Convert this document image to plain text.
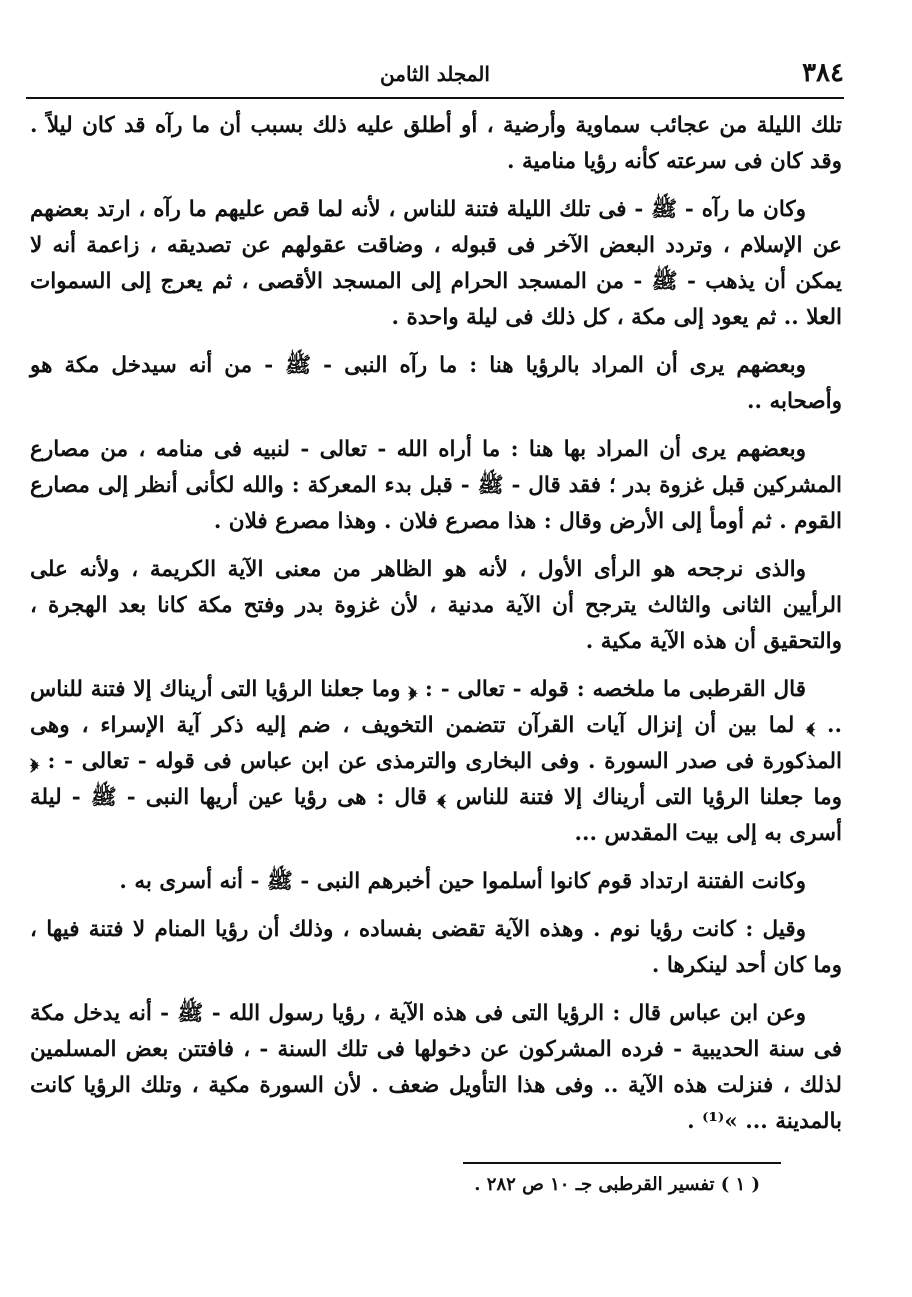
٣٨٤
المجلد الثامن

تلك الليلة من عجائب سماوية وأرضية ، أو أطلق عليه ذلك بسبب أن ما رآه قد كان ليلاً . وقد كان فى سرعته كأنه رؤيا منامية .

وكان ما رآه - ﷺ - فى تلك الليلة فتنة للناس ، لأنه لما قص عليهم ما رآه ، ارتد بعضهم عن الإسلام ، وتردد البعض الآخر فى قبوله ، وضاقت عقولهم عن تصديقه ، زاعمة أنه لا يمكن أن يذهب - ﷺ - من المسجد الحرام إلى المسجد الأقصى ، ثم يعرج إلى السموات العلا .. ثم يعود إلى مكة ، كل ذلك فى ليلة واحدة .

وبعضهم يرى أن المراد بالرؤيا هنا : ما رآه النبى - ﷺ - من أنه سيدخل مكة هو وأصحابه ..

وبعضهم يرى أن المراد بها هنا : ما أراه الله - تعالى - لنبيه فى منامه ، من مصارع المشركين قبل غزوة بدر ؛ فقد قال - ﷺ - قبل بدء المعركة : والله لكأنى أنظر إلى مصارع القوم . ثم أومأ إلى الأرض وقال : هذا مصرع فلان . وهذا مصرع فلان .

والذى نرجحه هو الرأى الأول ، لأنه هو الظاهر من معنى الآية الكريمة ، ولأنه على الرأيين الثانى والثالث يترجح أن الآية مدنية ، لأن غزوة بدر وفتح مكة كانا بعد الهجرة ، والتحقيق أن هذه الآية مكية .

قال القرطبى ما ملخصه : قوله - تعالى - : ﴿ وما جعلنا الرؤيا التى أريناك إلا فتنة للناس .. ﴾ لما بين أن إنزال آيات القرآن تتضمن التخويف ، ضم إليه ذكر آية الإسراء ، وهى المذكورة فى صدر السورة . وفى البخارى والترمذى عن ابن عباس فى قوله - تعالى - : ﴿ وما جعلنا الرؤيا التى أريناك إلا فتنة للناس ﴾ قال : هى رؤيا عين أريها النبى - ﷺ - ليلة أسرى به إلى بيت المقدس ...

وكانت الفتنة ارتداد قوم كانوا أسلموا حين أخبرهم النبى - ﷺ - أنه أسرى به .

وقيل : كانت رؤيا نوم . وهذه الآية تقضى بفساده ، وذلك أن رؤيا المنام لا فتنة فيها ، وما كان أحد لينكرها .

وعن ابن عباس قال : الرؤيا التى فى هذه الآية ، رؤيا رسول الله - ﷺ - أنه يدخل مكة فى سنة الحديبية - فرده المشركون عن دخولها فى تلك السنة - ، فافتتن بعض المسلمين لذلك ، فنزلت هذه الآية .. وفى هذا التأويل ضعف . لأن السورة مكية ، وتلك الرؤيا كانت بالمدينة ... »⁽¹⁾ .

( ١ ) تفسير القرطبى جـ ١٠ ص ٢٨٢ .
